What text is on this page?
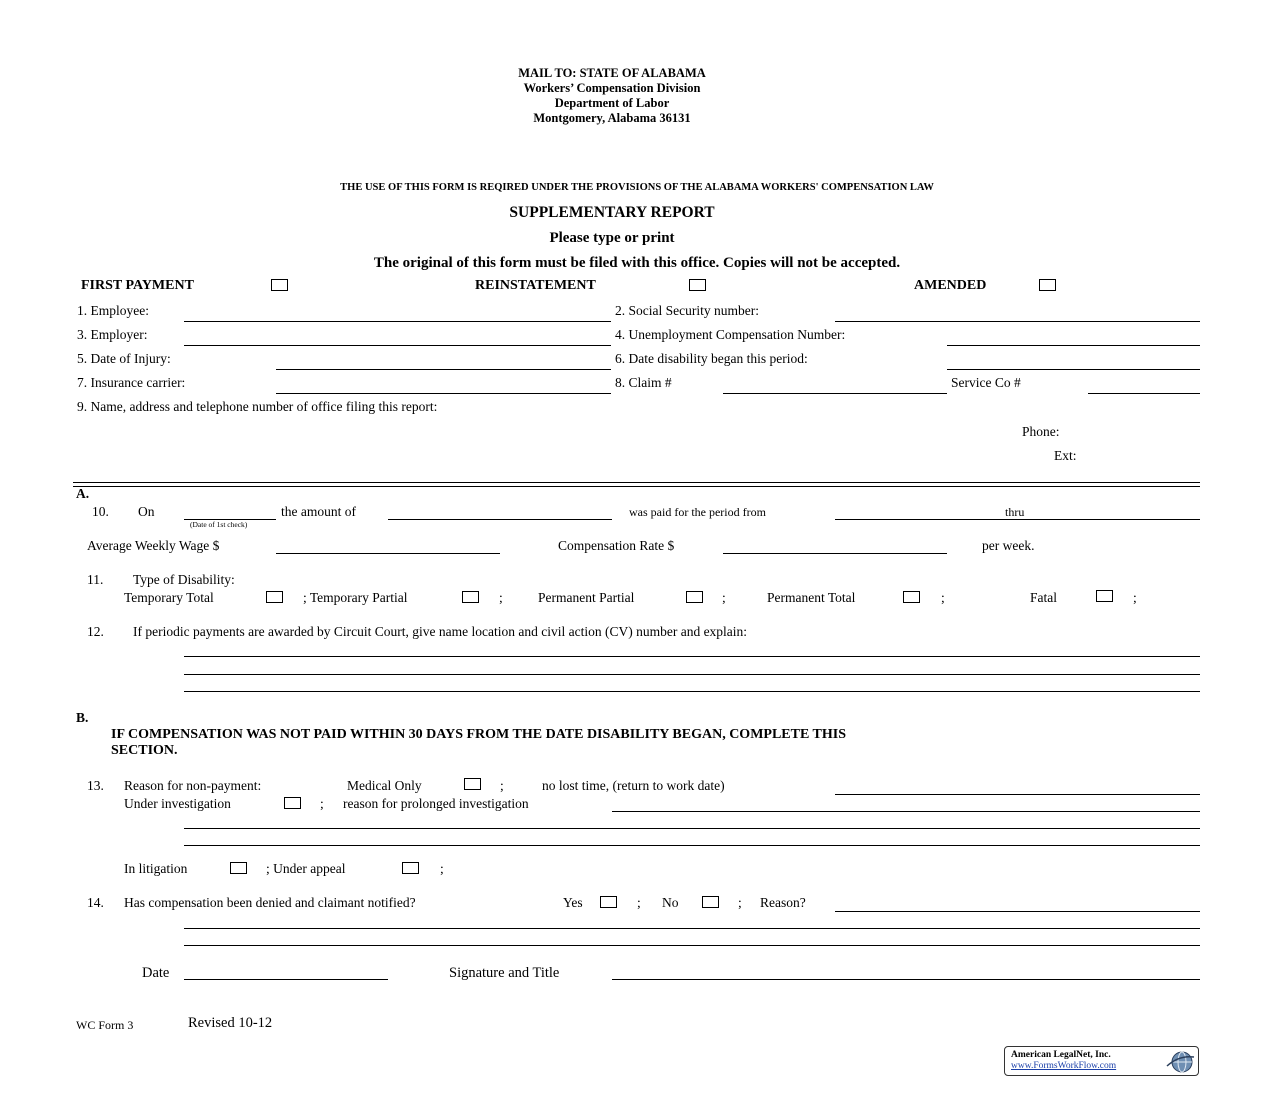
MAIL TO: STATE OF ALABAMA
Workers’ Compensation Division
Department of Labor
Montgomery, Alabama 36131
THE USE OF THIS FORM IS REQIRED UNDER THE PROVISIONS OF THE ALABAMA WORKERS' COMPENSATION LAW
SUPPLEMENTARY REPORT
Please type or print
The original of this form must be filed with this office. Copies will not be accepted.
FIRST PAYMENT	REINSTATEMENT	AMENDED
1. Employee:	2. Social Security number:
3. Employer:	4. Unemployment Compensation Number:
5. Date of Injury:	6. Date disability began this period:
7. Insurance carrier:	8. Claim #	Service Co #
9. Name, address and telephone number of office filing this report:
Phone:
Ext:
A.
10. On
(Date of 1st check)
the amount of	was paid for the period from	thru
Average Weekly Wage $	Compensation Rate $	per week.
11. Type of Disability:
Temporary Total	; Temporary Partial	;	Permanent Partial	;	Permanent Total	;	Fatal	;
12. If periodic payments are awarded by Circuit Court, give name location and civil action (CV) number and explain:
B.
IF COMPENSATION WAS NOT PAID WITHIN 30 DAYS FROM THE DATE DISABILITY BEGAN, COMPLETE THIS
SECTION.
13. Reason for non-payment:	Medical Only	;	no lost time, (return to work date)
Under investigation	; reason for prolonged investigation
In litigation	; Under appeal	;
14. Has compensation been denied and claimant notified?	Yes	; No	; Reason?
Date	Signature and Title
WC Form 3	Revised 10-12
American LegalNet, Inc.
www.FormsWorkFlow.com
